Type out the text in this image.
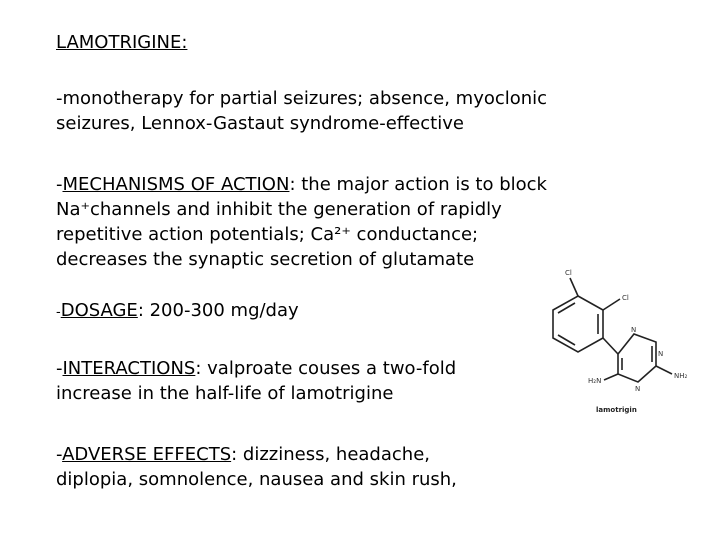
LAMOTRIGINE:
-monotherapy for partial seizures; absence, myoclonic
seizures, Lennox-Gastaut syndrome-effective
-MECHANISMS OF ACTION: the major action is to block
Na⁺channels and inhibit the generation of rapidly
repetitive action potentials; Ca²⁺ conductance;
decreases the synaptic secretion of glutamate
-DOSAGE: 200-300 mg/day
-INTERACTIONS: valproate couses a two-fold
increase in the half-life of lamotrigine
-ADVERSE EFFECTS: dizziness, headache,
diplopia, somnolence, nausea and skin rush,
Cl
Cl
N
N
N
H₂N
NH₂
lamotrigin
